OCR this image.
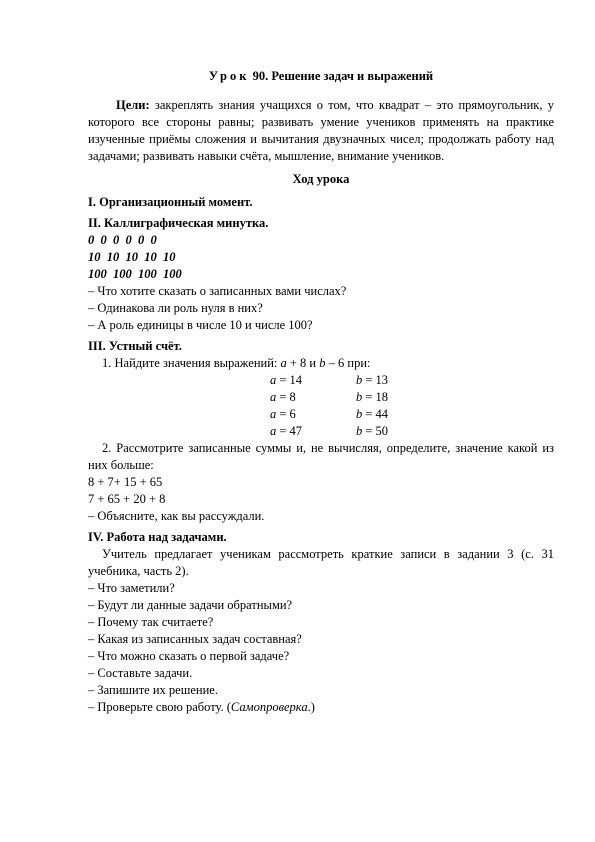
Урок 90. Решение задач и выражений

Цели: закреплять знания учащихся о том, что квадрат – это прямоугольник, у которого все стороны равны; развивать умение учеников применять на практике изученные приёмы сложения и вычитания двузначных чисел; продолжать работу над задачами; развивать навыки счёта, мышление, внимание учеников.

Ход урока

I. Организационный момент.

II. Каллиграфическая минутка.

0  0  0  0  0  0

10  10  10  10  10

100  100  100  100

– Что хотите сказать о записанных вами числах?

– Одинакова ли роль нуля в них?

– А роль единицы в числе 10 и числе 100?

III. Устный счёт.

1. Найдите значения выражений: a + 8 и b – 6 при:

a = 14	b = 13
a = 8	b = 18
a = 6	b = 44
a = 47	b = 50

2. Рассмотрите записанные суммы и, не вычисляя, определите, значение какой из них больше:

8 + 7+ 15 + 65

7 + 65 + 20 + 8

– Объясните, как вы рассуждали.

IV. Работа над задачами.

Учитель предлагает ученикам рассмотреть краткие записи в задании 3 (с. 31 учебника, часть 2).

– Что заметили?

– Будут ли данные задачи обратными?

– Почему так считаете?

– Какая из записанных задач составная?

– Что можно сказать о первой задаче?

– Составьте задачи.

– Запишите их решение.

– Проверьте свою работу. (Самопроверка.)
